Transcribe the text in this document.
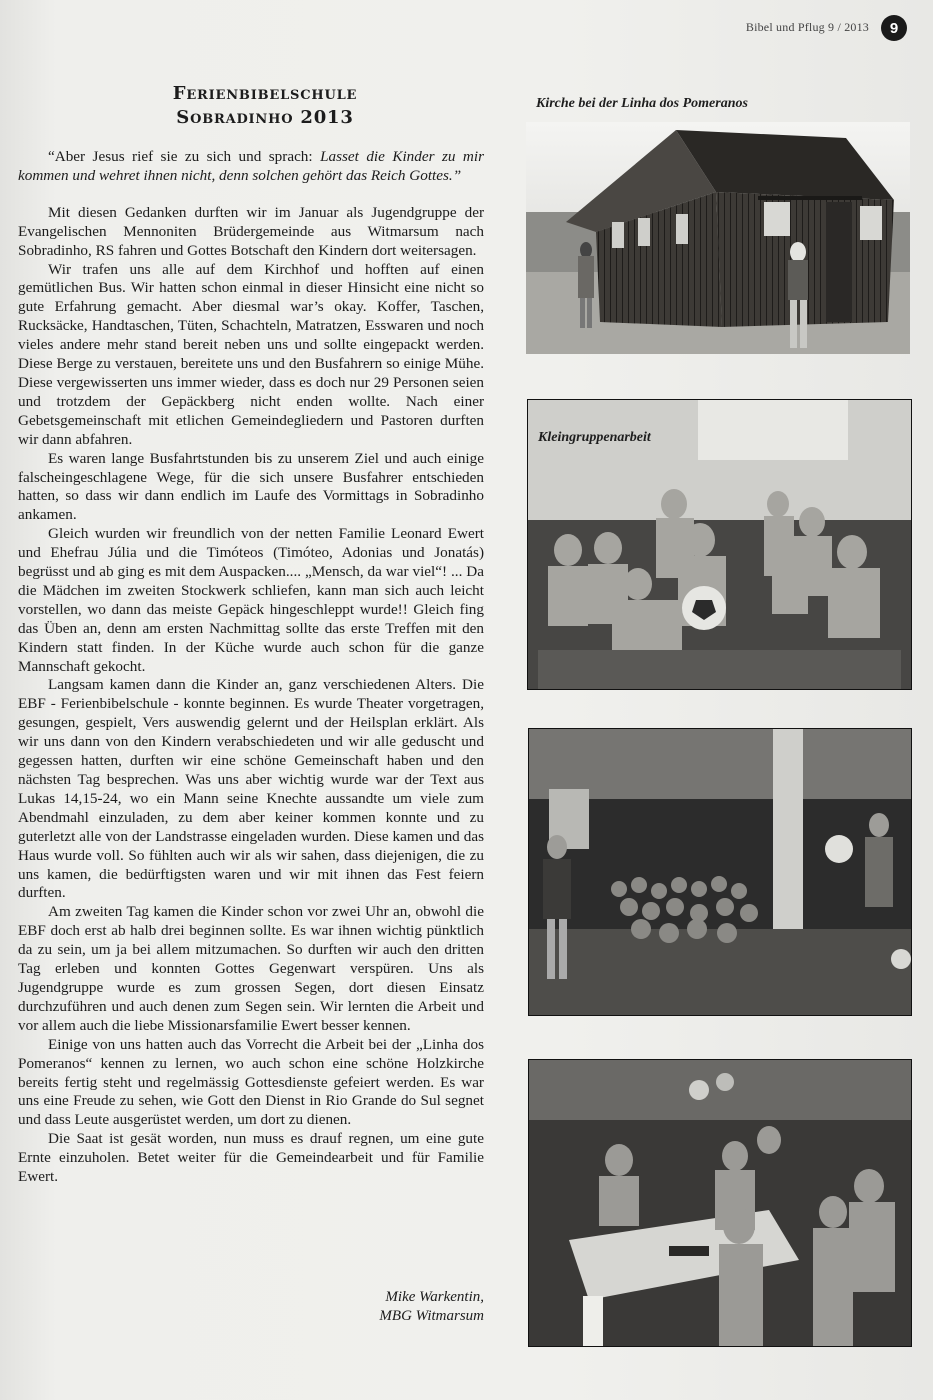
Bibel und Pflug 9 / 2013	9
Ferienbibelschule
Sobradinho 2013

“Aber Jesus rief sie zu sich und sprach: Lasset die Kinder zu mir kommen und wehret ihnen nicht, denn solchen gehört das Reich Gottes.”

Mit diesen Gedanken durften wir im Januar als Jugendgruppe der Evangelischen Mennoniten Brüdergemeinde aus Witmarsum nach Sobradinho, RS fahren und Gottes Botschaft den Kindern dort weitersagen.

Wir trafen uns alle auf dem Kirchhof und hofften auf einen gemütlichen Bus. Wir hatten schon einmal in dieser Hinsicht eine nicht so gute Erfahrung gemacht. Aber diesmal war’s okay. Koffer, Taschen, Rucksäcke, Handtaschen, Tüten, Schachteln, Matratzen, Esswaren und noch vieles andere mehr stand bereit neben uns und sollte eingepackt werden. Diese Berge zu verstauen, bereitete uns und den Busfahrern so einige Mühe. Diese vergewisserten uns immer wieder, dass es doch nur 29 Personen seien und trotzdem der Gepäckberg nicht enden wollte. Nach einer Gebetsgemeinschaft mit etlichen Gemeindegliedern und Pastoren durften wir dann abfahren.

Es waren lange Busfahrtstunden bis zu unserem Ziel und auch einige falscheingeschlagene Wege, für die sich unsere Busfahrer entschieden hatten, so dass wir dann endlich im Laufe des Vormittags in Sobradinho ankamen.

Gleich wurden wir freundlich von der netten Familie Leonard Ewert und Ehefrau Júlia und die Timóteos (Timóteo, Adonias und Jonatás) begrüsst und ab ging es mit dem Auspacken.... „Mensch, da war viel“! ... Da die Mädchen im zweiten Stockwerk schliefen, kann man sich auch leicht vorstellen, wo dann das meiste Gepäck hingeschleppt wurde!! Gleich fing das Üben an, denn am ersten Nachmittag sollte das erste Treffen mit den Kindern statt finden. In der Küche wurde auch schon für die ganze Mannschaft gekocht.

Langsam kamen dann die Kinder an, ganz verschiedenen Alters. Die EBF - Ferienbibelschule - konnte beginnen. Es wurde Theater vorgetragen, gesungen, gespielt, Vers auswendig gelernt und der Heilsplan erklärt. Als wir uns dann von den Kindern verabschiedeten und wir alle geduscht und gegessen hatten, durften wir eine schöne Gemeinschaft haben und den nächsten Tag besprechen. Was uns aber wichtig wurde war der Text aus Lukas 14,15-24, wo ein Mann seine Knechte aussandte um viele zum Abendmahl einzuladen, zu dem aber keiner kommen konnte und zu guterletzt alle von der Landstrasse eingeladen wurden. Diese kamen und das Haus wurde voll. So fühlten auch wir als wir sahen, dass diejenigen, die zu uns kamen, die bedürftigsten waren und wir mit ihnen das Fest feiern durften.

Am zweiten Tag kamen die Kinder schon vor zwei Uhr an, obwohl die EBF doch erst ab halb drei beginnen sollte. Es war ihnen wichtig pünktlich da zu sein, um ja bei allem mitzumachen. So durften wir auch den dritten Tag erleben und konnten Gottes Gegenwart verspüren. Uns als Jugendgruppe wurde es zum grossen Segen, dort diesen Einsatz durchzuführen und auch denen zum Segen sein. Wir lernten die Arbeit und vor allem auch die liebe Missionarsfamilie Ewert besser kennen.

Einige von uns hatten auch das Vorrecht die Arbeit bei der „Linha dos Pomeranos“ kennen zu lernen, wo auch schon eine schöne Holzkirche bereits fertig steht und regelmässig Gottesdienste gefeiert werden. Es war uns eine Freude zu sehen, wie Gott den Dienst in Rio Grande do Sul segnet und dass Leute ausgerüstet werden, um dort zu dienen.

Die Saat ist gesät worden, nun muss es drauf regnen, um eine gute Ernte einzuholen. Betet weiter für die Gemeindearbeit und für Familie Ewert.

Mike Warkentin,
MBG Witmarsum
Kirche bei der Linha dos Pomeranos
Kleingruppenarbeit
